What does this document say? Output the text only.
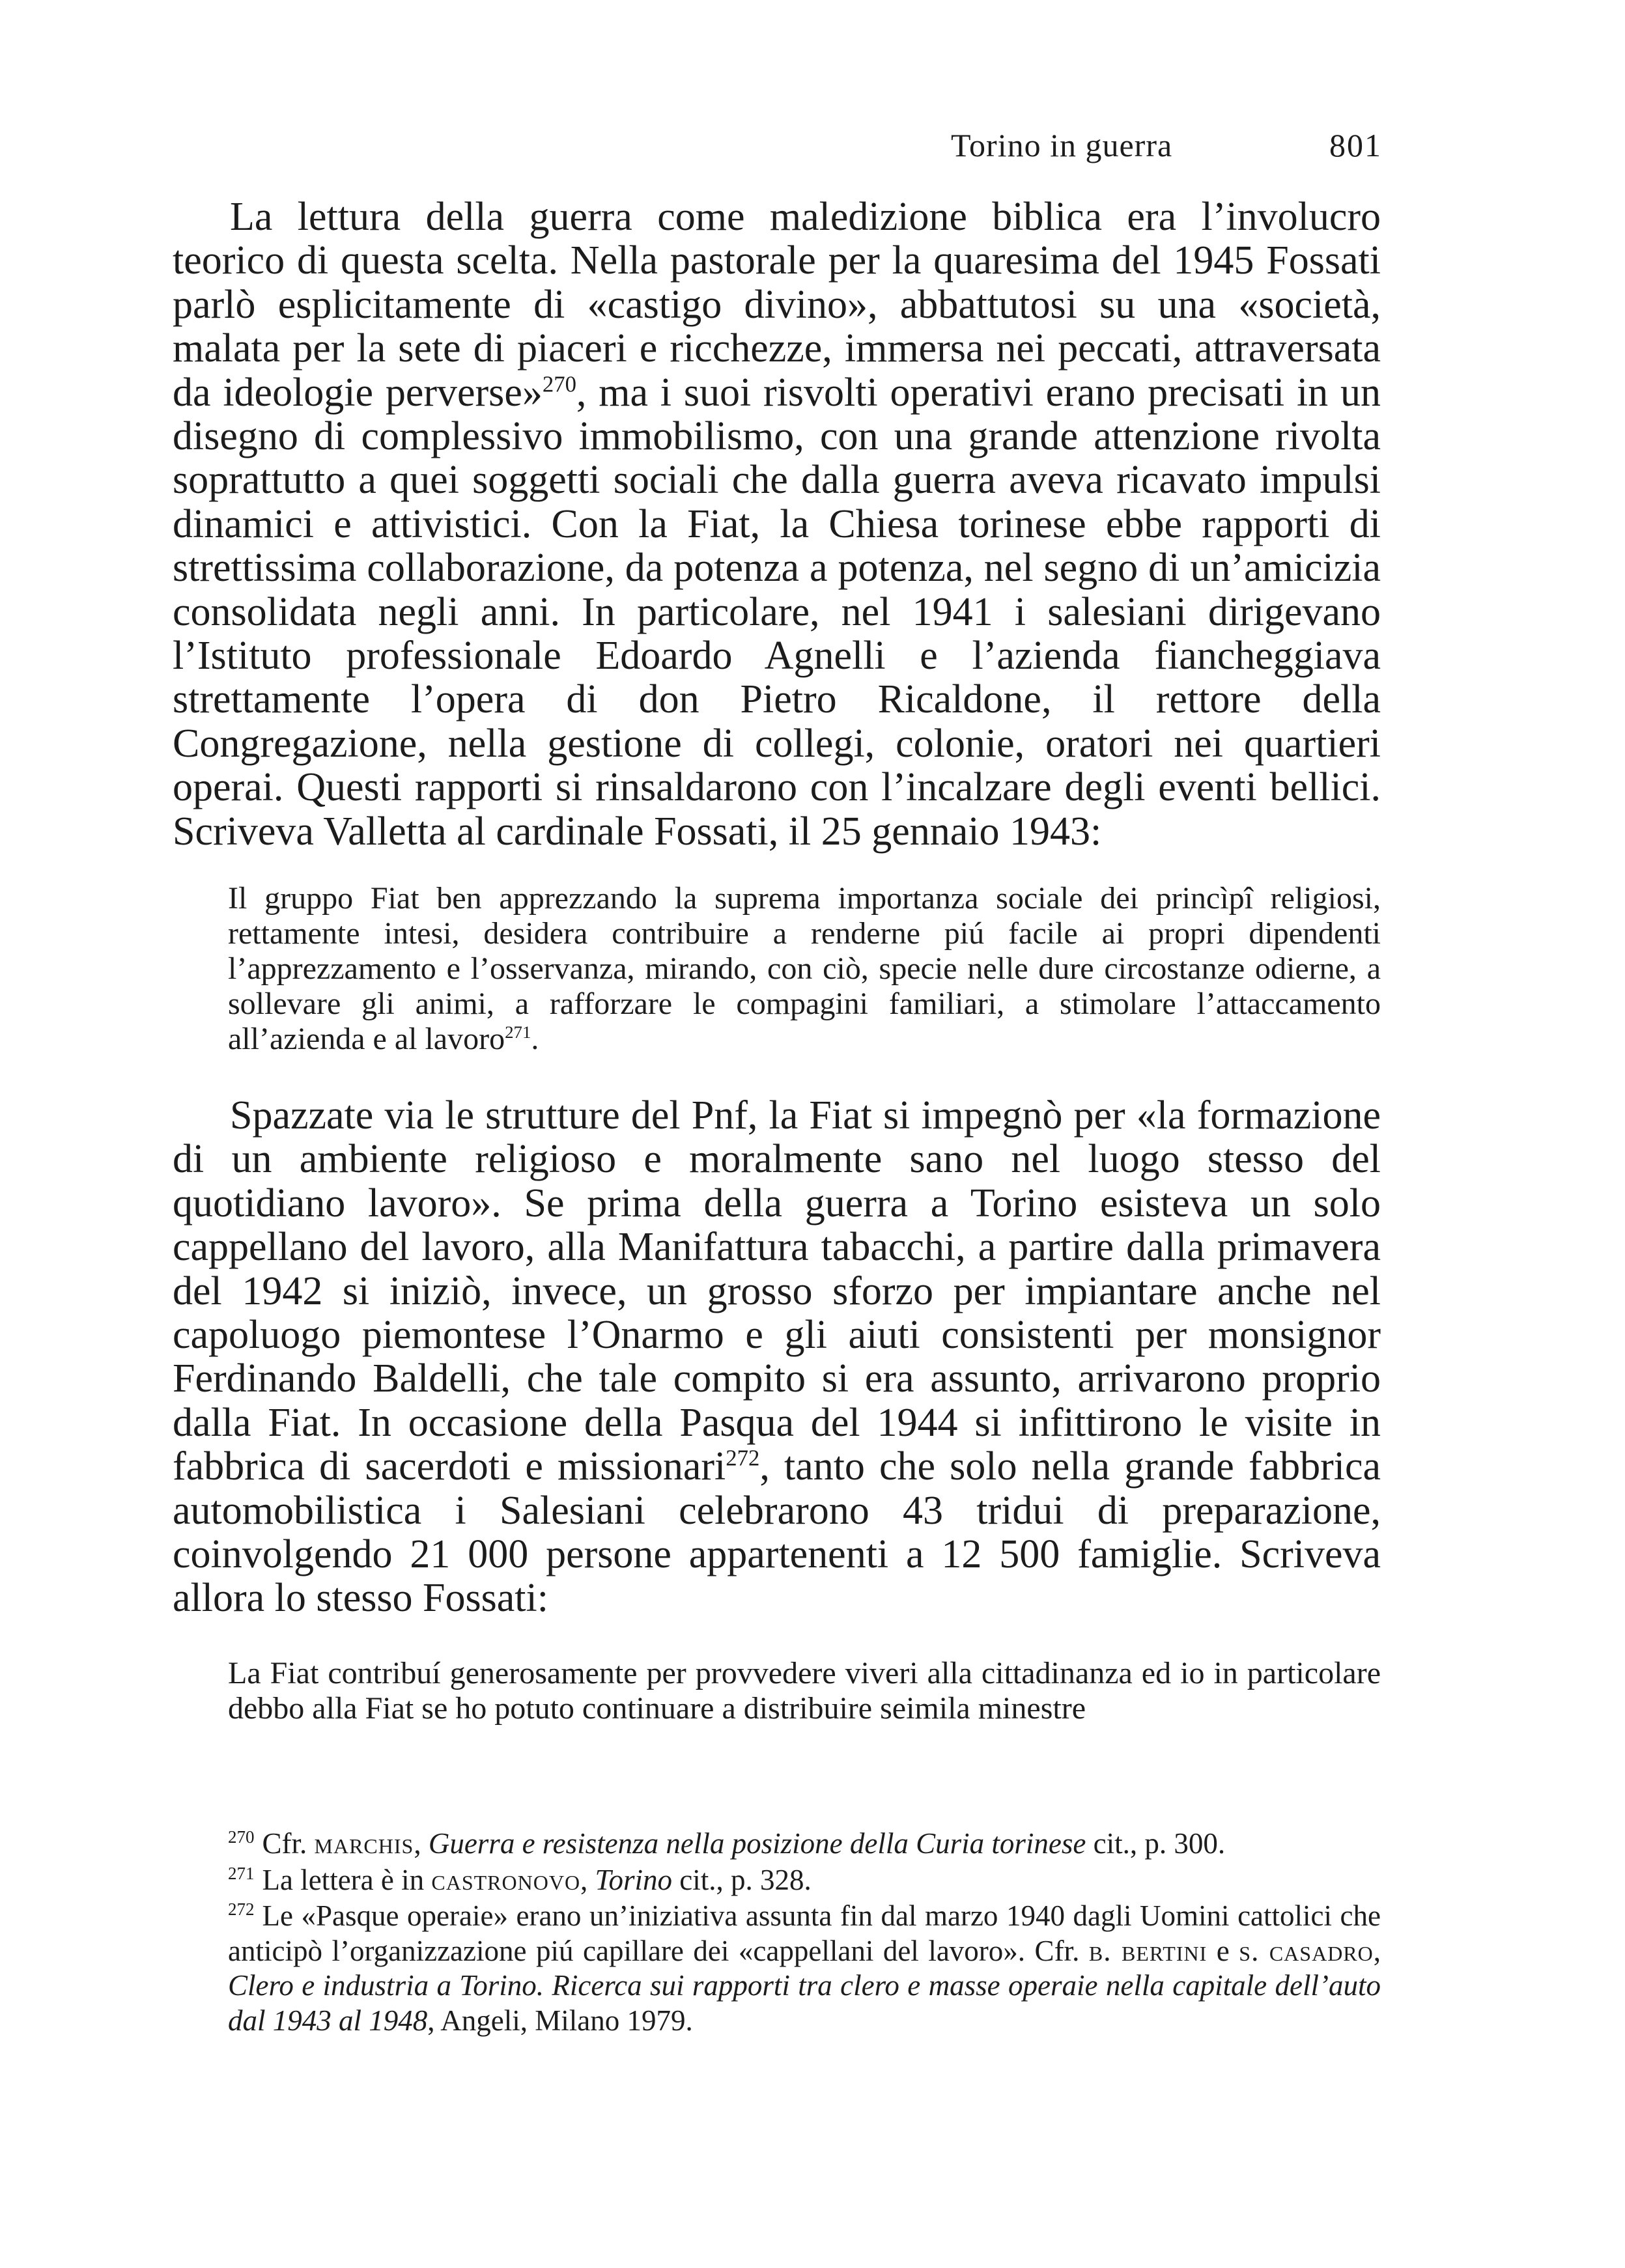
Torino in guerra	801

La lettura della guerra come maledizione biblica era l’involucro teorico di questa scelta. Nella pastorale per la quaresima del 1945 Fossati parlò esplicitamente di «castigo divino», abbattutosi su una «società, malata per la sete di piaceri e ricchezze, immersa nei peccati, attraversata da ideologie perverse»$^{270}$, ma i suoi risvolti operativi erano precisati in un disegno di complessivo immobilismo, con una grande attenzione rivolta soprattutto a quei soggetti sociali che dalla guerra aveva ricavato impulsi dinamici e attivistici. Con la Fiat, la Chiesa torinese ebbe rapporti di strettissima collaborazione, da potenza a potenza, nel segno di un’amicizia consolidata negli anni. In particolare, nel 1941 i salesiani dirigevano l’Istituto professionale Edoardo Agnelli e l’azienda fiancheggiava strettamente l’opera di don Pietro Ricaldone, il rettore della Congregazione, nella gestione di collegi, colonie, oratori nei quartieri operai. Questi rapporti si rinsaldarono con l’incalzare degli eventi bellici. Scriveva Valletta al cardinale Fossati, il 25 gennaio 1943:

Il gruppo Fiat ben apprezzando la suprema importanza sociale dei princìpî religiosi, rettamente intesi, desidera contribuire a renderne piú facile ai propri dipendenti l’apprezzamento e l’osservanza, mirando, con ciò, specie nelle dure circostanze odierne, a sollevare gli animi, a rafforzare le compagini familiari, a stimolare l’attaccamento all’azienda e al lavoro$^{271}$.

Spazzate via le strutture del Pnf, la Fiat si impegnò per «la formazione di un ambiente religioso e moralmente sano nel luogo stesso del quotidiano lavoro». Se prima della guerra a Torino esisteva un solo cappellano del lavoro, alla Manifattura tabacchi, a partire dalla primavera del 1942 si iniziò, invece, un grosso sforzo per impiantare anche nel capoluogo piemontese l’Onarmo e gli aiuti consistenti per monsignor Ferdinando Baldelli, che tale compito si era assunto, arrivarono proprio dalla Fiat. In occasione della Pasqua del 1944 si infittirono le visite in fabbrica di sacerdoti e missionari$^{272}$, tanto che solo nella grande fabbrica automobilistica i Salesiani celebrarono 43 tridui di preparazione, coinvolgendo 21 000 persone appartenenti a 12 500 famiglie. Scriveva allora lo stesso Fossati:

La Fiat contribuí generosamente per provvedere viveri alla cittadinanza ed io in particolare debbo alla Fiat se ho potuto continuare a distribuire seimila minestre

$^{270}$ Cfr. marchis, Guerra e resistenza nella posizione della Curia torinese cit., p. 300.

$^{271}$ La lettera è in castronovo, Torino cit., p. 328.

$^{272}$ Le «Pasque operaie» erano un’iniziativa assunta fin dal marzo 1940 dagli Uomini cattolici che anticipò l’organizzazione piú capillare dei «cappellani del lavoro». Cfr. b. bertini e s. casadro, Clero e industria a Torino. Ricerca sui rapporti tra clero e masse operaie nella capitale dell’auto dal 1943 al 1948, Angeli, Milano 1979.
